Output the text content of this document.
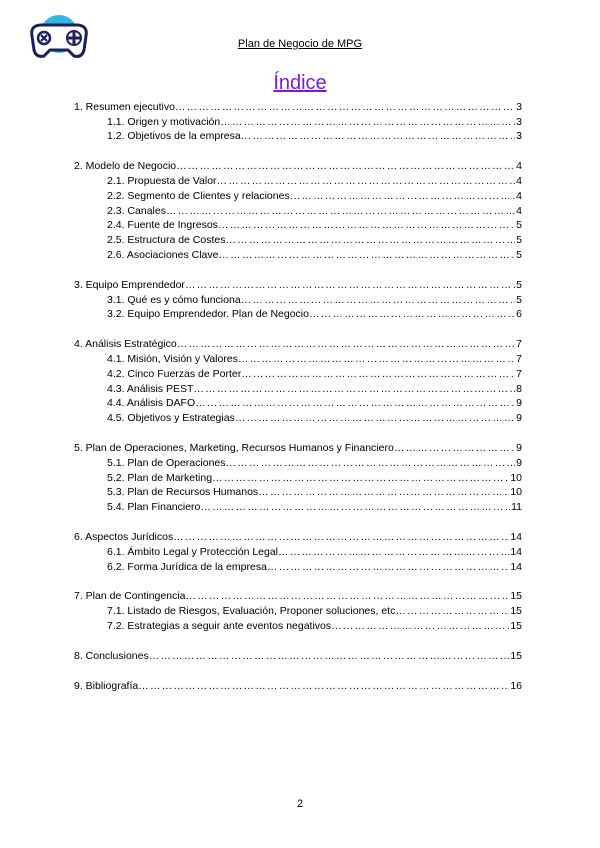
Plan de Negocio de MPG
Índice
1. Resumen ejecutivo ………………………………………………………………………………………………………………………………………………………………………………………………………………………………	3
1.1. Origen y motivación ………………………………………………………………………………………………………………………………………………………………………………………………………………………………	3
1.2. Objetivos de la empresa ………………………………………………………………………………………………………………………………………………………………………………………………………………………………	3
2. Modelo de Negocio ………………………………………………………………………………………………………………………………………………………………………………………………………………………………	4
2.1. Propuesta de Valor ………………………………………………………………………………………………………………………………………………………………………………………………………………………………	4
2.2. Segmento de Clientes y relaciones ………………………………………………………………………………………………………………………………………………………………………………………………………………………………	4
2.3. Canales ………………………………………………………………………………………………………………………………………………………………………………………………………………………………	4
2.4. Fuente de Ingresos ………………………………………………………………………………………………………………………………………………………………………………………………………………………………	5
2.5. Estructura de Costes ………………………………………………………………………………………………………………………………………………………………………………………………………………………………	5
2.6. Asociaciones Clave ………………………………………………………………………………………………………………………………………………………………………………………………………………………………	5
3. Equipo Emprendedor ………………………………………………………………………………………………………………………………………………………………………………………………………………………………	5
3.1. Qué es y cómo funciona ………………………………………………………………………………………………………………………………………………………………………………………………………………………………	5
3.2. Equipo Emprendedor. Plan de Negocio ………………………………………………………………………………………………………………………………………………………………………………………………………………………………	6
4. Análisis Estratégico ………………………………………………………………………………………………………………………………………………………………………………………………………………………………	7
4.1. Misión, Visión y Valores ………………………………………………………………………………………………………………………………………………………………………………………………………………………………	7
4.2. Cinco Fuerzas de Porter ………………………………………………………………………………………………………………………………………………………………………………………………………………………………	7
4.3. Análisis PEST ………………………………………………………………………………………………………………………………………………………………………………………………………………………………	8
4.4. Análisis DAFO ………………………………………………………………………………………………………………………………………………………………………………………………………………………………	9
4.5. Objetivos y Estrategias ………………………………………………………………………………………………………………………………………………………………………………………………………………………………	9
5. Plan de Operaciones, Marketing, Recursos Humanos y Financiero ………………………………………………………………………………………………………………………………………………………………………………………………………………………………	9
5.1. Plan de Operaciones ………………………………………………………………………………………………………………………………………………………………………………………………………………………………	9
5.2. Plan de Marketing ………………………………………………………………………………………………………………………………………………………………………………………………………………………………	10
5.3. Plan de Recursos Humanos ………………………………………………………………………………………………………………………………………………………………………………………………………………………………	10
5.4. Plan Financiero ………………………………………………………………………………………………………………………………………………………………………………………………………………………………	11
6. Aspectos Jurídicos ………………………………………………………………………………………………………………………………………………………………………………………………………………………………	14
6.1. Ámbito Legal y Protección Legal ………………………………………………………………………………………………………………………………………………………………………………………………………………………………	14
6.2. Forma Jurídica de la empresa ………………………………………………………………………………………………………………………………………………………………………………………………………………………………	14
7. Plan de Contingencia ………………………………………………………………………………………………………………………………………………………………………………………………………………………………	15
7.1. Listado de Riesgos, Evaluación, Proponer soluciones, etc ………………………………………………………………………………………………………………………………………………………………………………………………………………………………	15
7.2. Estrategias a seguir ante eventos negativos ………………………………………………………………………………………………………………………………………………………………………………………………………………………………	15
8. Conclusiones ………………………………………………………………………………………………………………………………………………………………………………………………………………………………	15
9. Bibliografía ………………………………………………………………………………………………………………………………………………………………………………………………………………………………	16
2
